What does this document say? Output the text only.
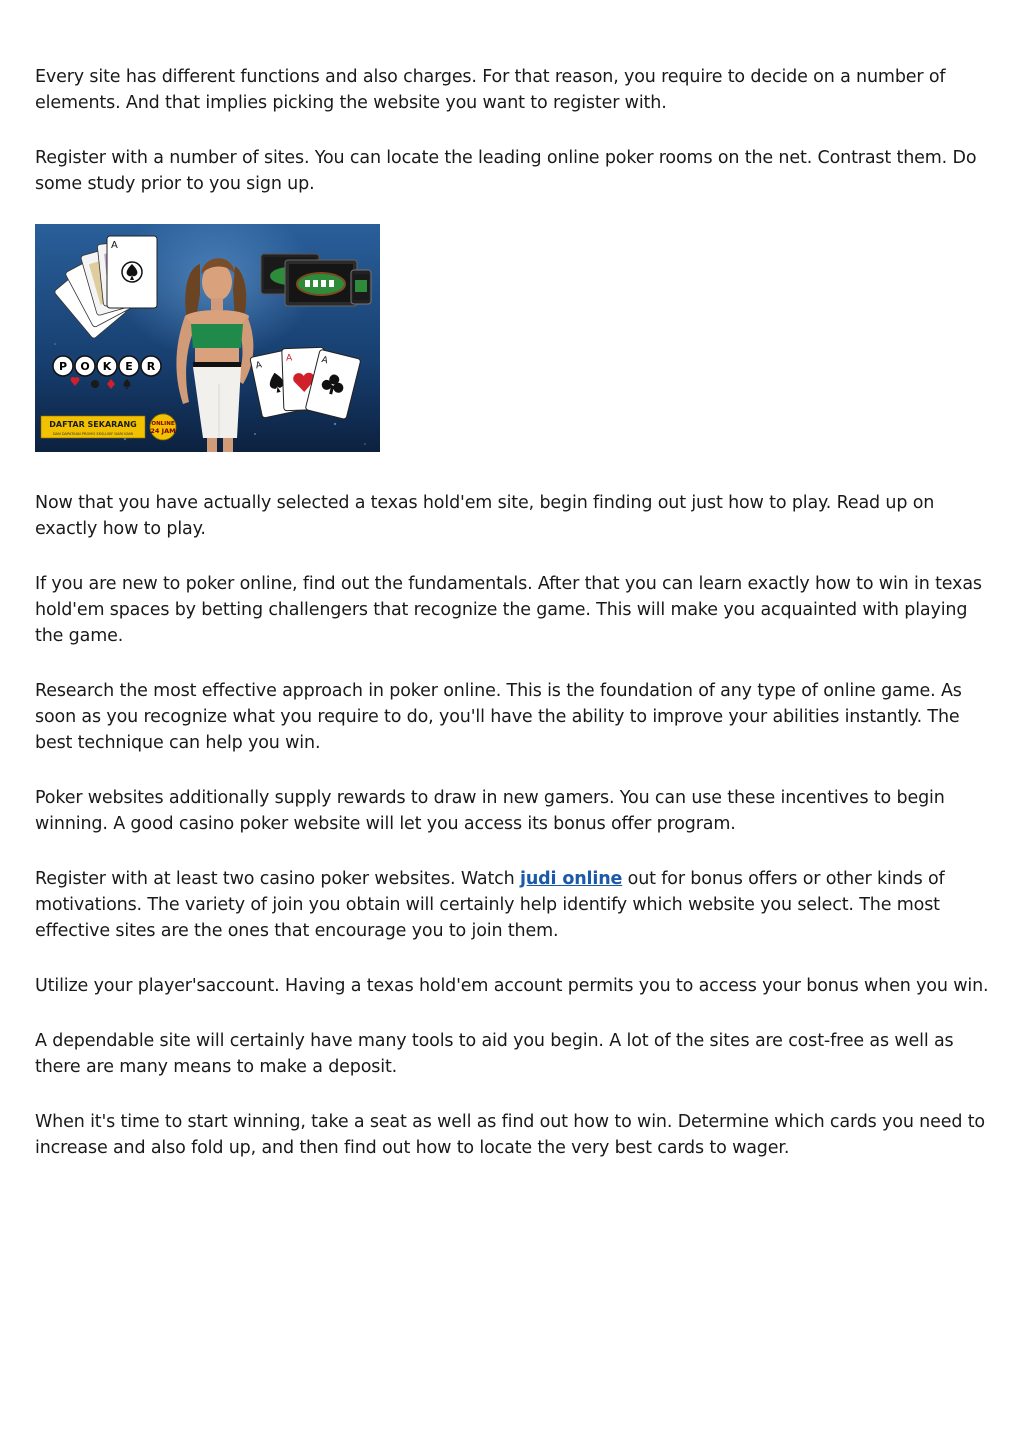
Every site has different functions and also charges. For that reason, you require to decide on a number of elements. And that implies picking the website you want to register with.

Register with a number of sites. You can locate the leading online poker rooms on the net. Contrast them. Do some study prior to you sign up.

A
P O K E R
DAFTAR SEKARANG
DAN DAPATKAN PROMO EKSLUSIF DARI KAMI
ONLINE
24 JAM
A
A	A

Now that you have actually selected a texas hold'em site, begin finding out just how to play. Read up on exactly how to play.

If you are new to poker online, find out the fundamentals. After that you can learn exactly how to win in texas hold'em spaces by betting challengers that recognize the game. This will make you acquainted with playing the game.

Research the most effective approach in poker online. This is the foundation of any type of online game. As soon as you recognize what you require to do, you'll have the ability to improve your abilities instantly. The best technique can help you win.

Poker websites additionally supply rewards to draw in new gamers. You can use these incentives to begin winning. A good casino poker website will let you access its bonus offer program.

Register with at least two casino poker websites. Watch judi online out for bonus offers or other kinds of motivations. The variety of join you obtain will certainly help identify which website you select. The most effective sites are the ones that encourage you to join them.

Utilize your player'saccount. Having a texas hold'em account permits you to access your bonus when you win.

A dependable site will certainly have many tools to aid you begin. A lot of the sites are cost-free as well as there are many means to make a deposit.

When it's time to start winning, take a seat as well as find out how to win. Determine which cards you need to increase and also fold up, and then find out how to locate the very best cards to wager.
